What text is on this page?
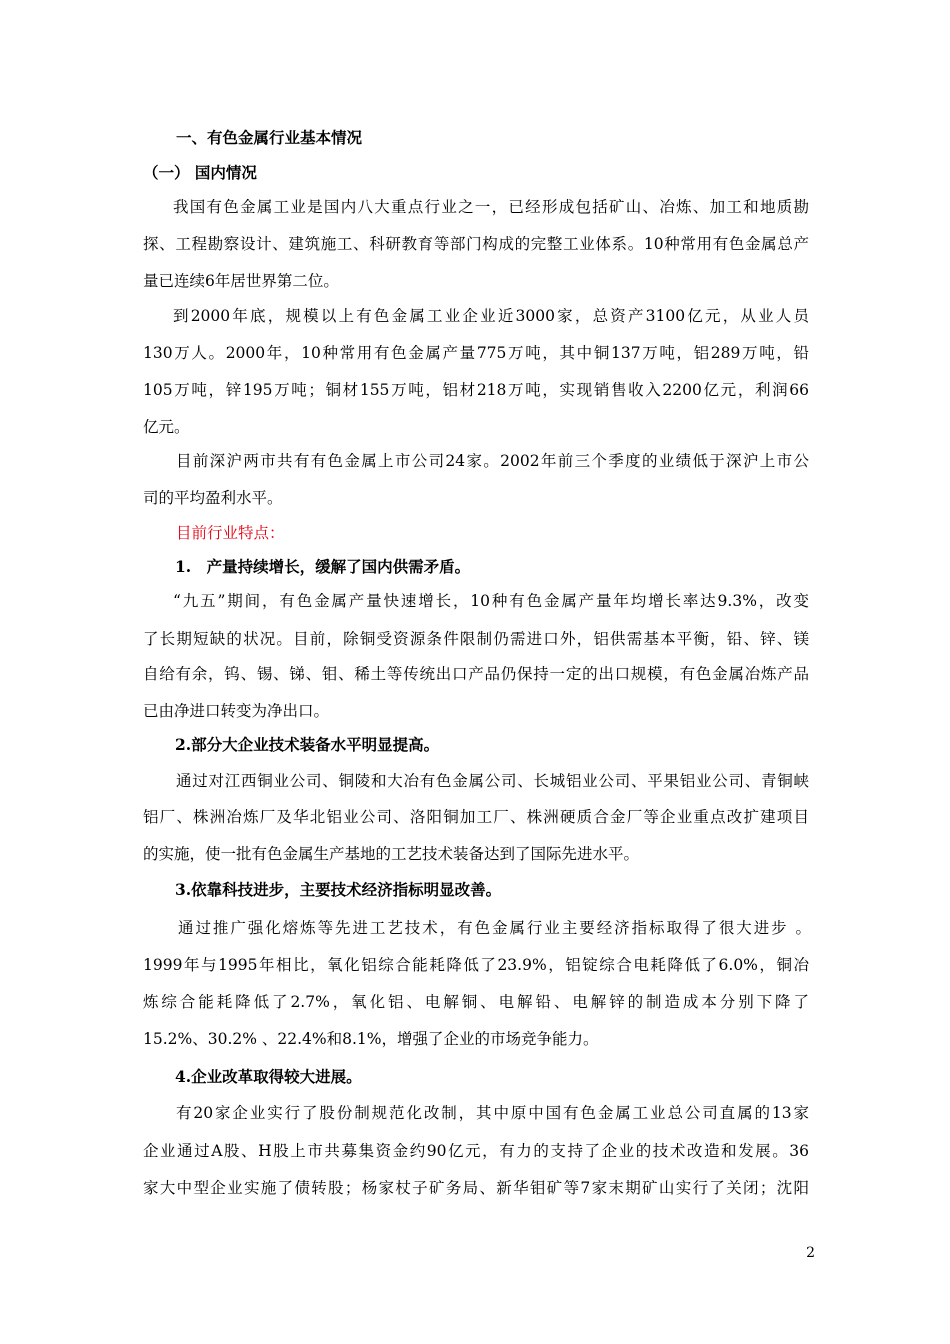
一、有色金属行业基本情况
（一） 国内情况
我国有色金属工业是国内八大重点行业之一，已经形成包括矿山、冶炼、加工和地质勘
探、工程勘察设计、建筑施工、科研教育等部门构成的完整工业体系。10种常用有色金属总产
量已连续6年居世界第二位。
到2000年底，规模以上有色金属工业企业近3000家，总资产3100亿元，从业人员
130万人。2000年，10种常用有色金属产量775万吨，其中铜137万吨，铝289万吨，铅
105万吨，锌195万吨；铜材155万吨，铝材218万吨，实现销售收入2200亿元，利润66
亿元。
目前深沪两市共有有色金属上市公司24家。2002年前三个季度的业绩低于深沪上市公
司的平均盈利水平。
目前行业特点：
1.　产量持续增长，缓解了国内供需矛盾。
“九五”期间，有色金属产量快速增长，10种有色金属产量年均增长率达9.3%，改变
了长期短缺的状况。目前，除铜受资源条件限制仍需进口外，铝供需基本平衡，铅、锌、镁
自给有余，钨、锡、锑、钼、稀土等传统出口产品仍保持一定的出口规模，有色金属冶炼产品
已由净进口转变为净出口。
2.部分大企业技术装备水平明显提高。
通过对江西铜业公司、铜陵和大冶有色金属公司、长城铝业公司、平果铝业公司、青铜峡
铝厂、株洲冶炼厂及华北铝业公司、洛阳铜加工厂、株洲硬质合金厂等企业重点改扩建项目
的实施，使一批有色金属生产基地的工艺技术装备达到了国际先进水平。
3.依靠科技进步，主要技术经济指标明显改善。
通过推广强化熔炼等先进工艺技术，有色金属行业主要经济指标取得了很大进步 。
1999年与1995年相比，氧化铝综合能耗降低了23.9%，铝锭综合电耗降低了6.0%，铜冶
炼综合能耗降低了2.7%，氧化铝、电解铜、电解铅、电解锌的制造成本分别下降了
15.2%、30.2% 、22.4%和8.1%，增强了企业的市场竞争能力。
4.企业改革取得较大进展。
有20家企业实行了股份制规范化改制，其中原中国有色金属工业总公司直属的13家
企业通过A股、H股上市共募集资金约90亿元，有力的支持了企业的技术改造和发展。36
家大中型企业实施了债转股；杨家杖子矿务局、新华钼矿等7家末期矿山实行了关闭；沈阳
2
